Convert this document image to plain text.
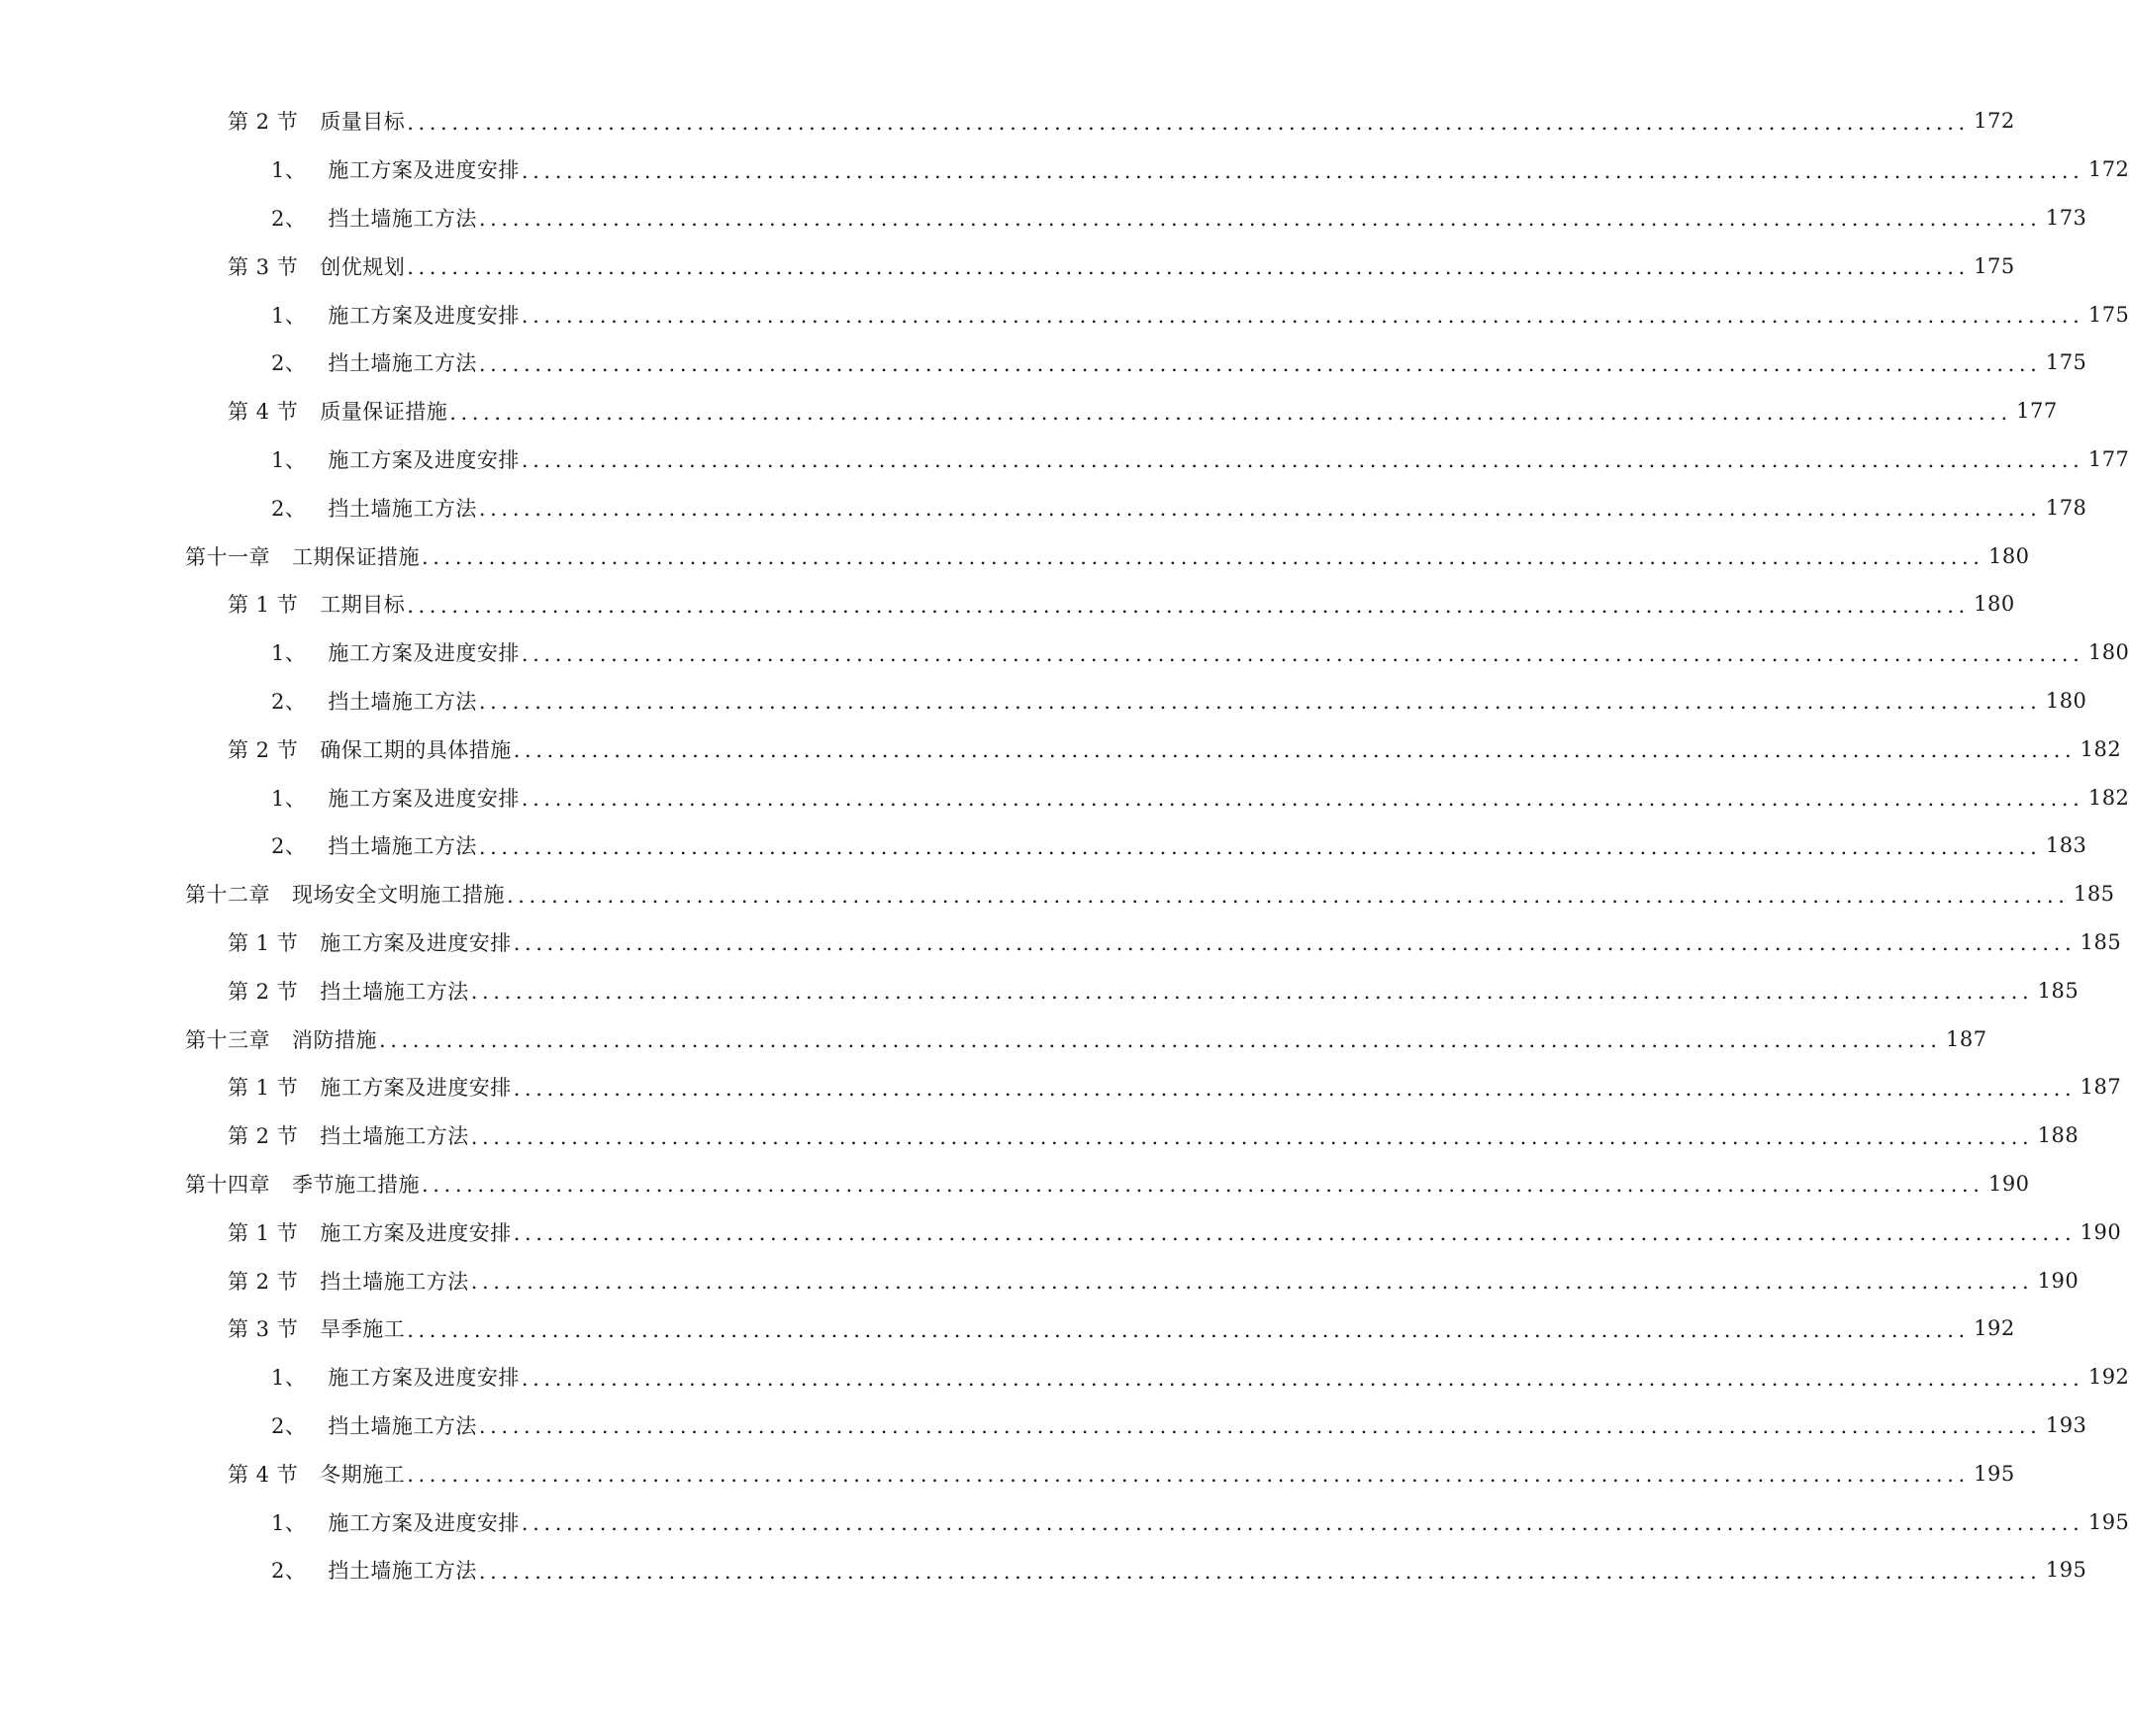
第 2 节 质量目标 ............................................................................................................................................ 172
1、 施工方案及进度安排 ............................................................................................................................................ 172
2、 挡土墙施工方法 ............................................................................................................................................ 173
第 3 节 创优规划 ............................................................................................................................................ 175
1、 施工方案及进度安排 ............................................................................................................................................ 175
2、 挡土墙施工方法 ............................................................................................................................................ 175
第 4 节 质量保证措施 ............................................................................................................................................ 177
1、 施工方案及进度安排 ............................................................................................................................................ 177
2、 挡土墙施工方法 ............................................................................................................................................ 178
第十一章 工期保证措施 ............................................................................................................................................ 180
第 1 节 工期目标 ............................................................................................................................................ 180
1、 施工方案及进度安排 ............................................................................................................................................ 180
2、 挡土墙施工方法 ............................................................................................................................................ 180
第 2 节 确保工期的具体措施 ............................................................................................................................................ 182
1、 施工方案及进度安排 ............................................................................................................................................ 182
2、 挡土墙施工方法 ............................................................................................................................................ 183
第十二章 现场安全文明施工措施 ............................................................................................................................................ 185
第 1 节 施工方案及进度安排 ............................................................................................................................................ 185
第 2 节 挡土墙施工方法 ............................................................................................................................................ 185
第十三章 消防措施 ............................................................................................................................................ 187
第 1 节 施工方案及进度安排 ............................................................................................................................................ 187
第 2 节 挡土墙施工方法 ............................................................................................................................................ 188
第十四章 季节施工措施 ............................................................................................................................................ 190
第 1 节 施工方案及进度安排 ............................................................................................................................................ 190
第 2 节 挡土墙施工方法 ............................................................................................................................................ 190
第 3 节 旱季施工 ............................................................................................................................................ 192
1、 施工方案及进度安排 ............................................................................................................................................ 192
2、 挡土墙施工方法 ............................................................................................................................................ 193
第 4 节 冬期施工 ............................................................................................................................................ 195
1、 施工方案及进度安排 ............................................................................................................................................ 195
2、 挡土墙施工方法 ............................................................................................................................................ 195
